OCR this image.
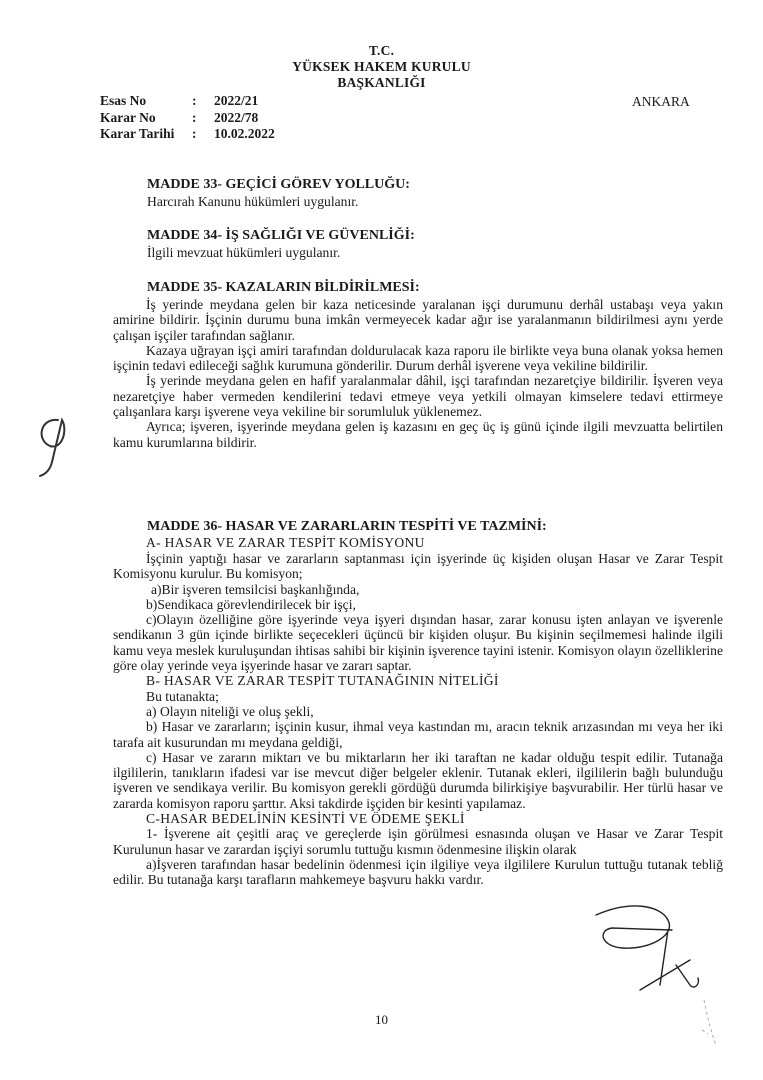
T.C.
YÜKSEK HAKEM KURULU
BAŞKANLIĞI
Esas No	:	2022/21
Karar No	:	2022/78
Karar Tarihi	:	10.02.2022
ANKARA
MADDE 33- GEÇİCİ GÖREV YOLLUĞU:
Harcırah Kanunu hükümleri uygulanır.
MADDE 34- İŞ SAĞLIĞI VE GÜVENLİĞİ:
İlgili mevzuat hükümleri uygulanır.
MADDE 35- KAZALARIN BİLDİRİLMESİ:

İş yerinde meydana gelen bir kaza neticesinde yaralanan işçi durumunu derhâl ustabaşı veya yakın amirine bildirir. İşçinin durumu buna imkân vermeyecek kadar ağır ise yaralanmanın bildirilmesi aynı yerde çalışan işçiler tarafından sağlanır.

Kazaya uğrayan işçi amiri tarafından doldurulacak kaza raporu ile birlikte veya buna olanak yoksa hemen işçinin tedavi edileceği sağlık kurumuna gönderilir. Durum derhâl işverene veya vekiline bildirilir.

İş yerinde meydana gelen en hafif yaralanmalar dâhil, işçi tarafından nezaretçiye bildirilir. İşveren veya nezaretçiye haber vermeden kendilerini tedavi etmeye veya yetkili olmayan kimselere tedavi ettirmeye çalışanlara karşı işverene veya vekiline bir sorumluluk yüklenemez.

Ayrıca; işveren, işyerinde meydana gelen iş kazasını en geç üç iş günü içinde ilgili mevzuatta belirtilen kamu kurumlarına bildirir.

MADDE 36- HASAR VE ZARARLARIN TESPİTİ VE TAZMİNİ:
A- HASAR VE ZARAR TESPİT KOMİSYONU

İşçinin yaptığı hasar ve zararların saptanması için işyerinde üç kişiden oluşan Hasar ve Zarar Tespit Komisyonu kurulur. Bu komisyon;

a)Bir işveren temsilcisi başkanlığında,

b)Sendikaca görevlendirilecek bir işçi,

c)Olayın özelliğine göre işyerinde veya işyeri dışından hasar, zarar konusu işten anlayan ve işverenle sendikanın 3 gün içinde birlikte seçecekleri üçüncü bir kişiden oluşur. Bu kişinin seçilmemesi halinde ilgili kamu veya meslek kuruluşundan ihtisas sahibi bir kişinin işverence tayini istenir. Komisyon olayın özelliklerine göre olay yerinde veya işyerinde hasar ve zararı saptar.

B- HASAR VE ZARAR TESPİT TUTANAĞININ NİTELİĞİ

Bu tutanakta;

a) Olayın niteliği ve oluş şekli,

b) Hasar ve zararların; işçinin kusur, ihmal veya kastından mı, aracın teknik arızasından mı veya her iki tarafa ait kusurundan mı meydana geldiği,

c) Hasar ve zararın miktarı ve bu miktarların her iki taraftan ne kadar olduğu tespit edilir. Tutanağa ilgililerin, tanıkların ifadesi var ise mevcut diğer belgeler eklenir. Tutanak ekleri, ilgililerin bağlı bulunduğu işveren ve sendikaya verilir. Bu komisyon gerekli gördüğü durumda bilirkişiye başvurabilir. Her türlü hasar ve zararda komisyon raporu şarttır. Aksi takdirde işçiden bir kesinti yapılamaz.

C-HASAR BEDELİNİN KESİNTİ VE ÖDEME ŞEKLİ

1- İşverene ait çeşitli araç ve gereçlerde işin görülmesi esnasında oluşan ve Hasar ve Zarar Tespit Kurulunun hasar ve zarardan işçiyi sorumlu tuttuğu kısmın ödenmesine ilişkin olarak

a)İşveren tarafından hasar bedelinin ödenmesi için ilgiliye veya ilgililere Kurulun tuttuğu tutanak tebliğ edilir. Bu tutanağa karşı tarafların mahkemeye başvuru hakkı vardır.

10
